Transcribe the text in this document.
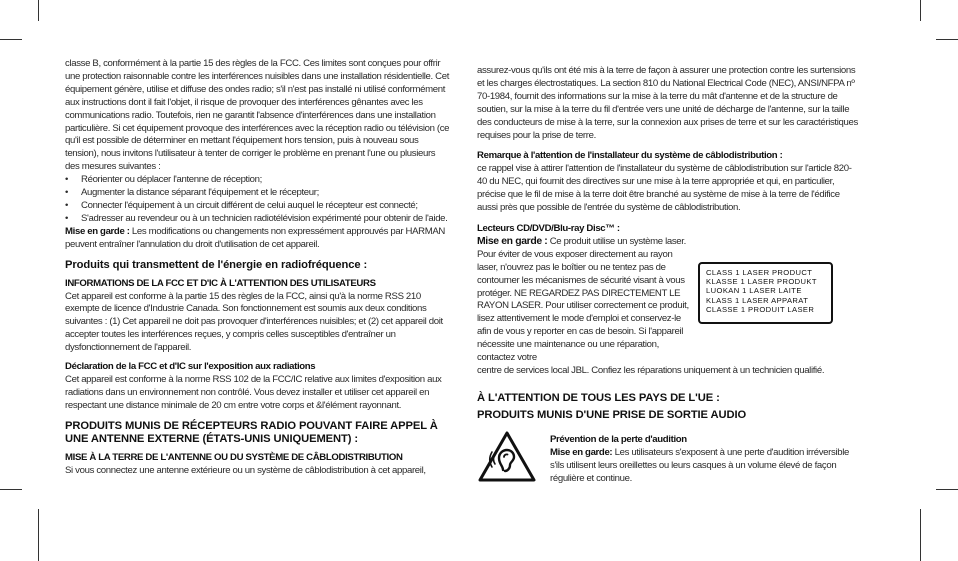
classe B, conformément à la partie 15 des règles de la FCC. Ces limites sont conçues pour offrir une protection raisonnable contre les interférences nuisibles dans une installation résidentielle. Cet équipement génère, utilise et diffuse des ondes radio; s'il n'est pas installé ni utilisé conformément aux instructions dont il fait l'objet, il risque de provoquer des interférences gênantes avec les communications radio. Toutefois, rien ne garantit l'absence d'interférences dans une installation particulière. Si cet équipement provoque des interférences avec la réception radio ou télévision (ce qu'il est possible de déterminer en mettant l'équipement hors tension, puis à nouveau sous tension), nous invitons l'utilisateur à tenter de corriger le problème en prenant l'une ou plusieurs des mesures suivantes :

• Réorienter ou déplacer l'antenne de réception;
• Augmenter la distance séparant l'équipement et le récepteur;
• Connecter l'équipement à un circuit différent de celui auquel le récepteur est connecté;
• S'adresser au revendeur ou à un technicien radiotélévision expérimenté pour obtenir de l'aide.

Mise en garde : Les modifications ou changements non expressément approuvés par HARMAN peuvent entraîner l'annulation du droit d'utilisation de cet appareil.

Produits qui transmettent de l'énergie en radiofréquence :
INFORMATIONS DE LA FCC ET D'IC À L'ATTENTION DES UTILISATEURS

Cet appareil est conforme à la partie 15 des règles de la FCC, ainsi qu'à la norme RSS 210 exempte de licence d'Industrie Canada. Son fonctionnement est soumis aux deux conditions suivantes : (1) Cet appareil ne doit pas provoquer d'interférences nuisibles; et (2) cet appareil doit accepter toutes les interférences reçues, y compris celles susceptibles d'entraîner un dysfonctionnement de l'appareil.

Déclaration de la FCC et d'IC sur l'exposition aux radiations

Cet appareil est conforme à la norme RSS 102 de la FCC/IC relative aux limites d'exposition aux radiations dans un environnement non contrôlé. Vous devez installer et utiliser cet appareil en respectant une distance minimale de 20 cm entre votre corps et &l'élément rayonnant.

PRODUITS MUNIS DE RÉCEPTEURS RADIO POUVANT FAIRE APPEL À UNE ANTENNE EXTERNE (ÉTATS-UNIS UNIQUEMENT) :
MISE À LA TERRE DE L'ANTENNE OU DU SYSTÈME DE CÂBLODISTRIBUTION

Si vous connectez une antenne extérieure ou un système de câblodistribution à cet appareil,

assurez-vous qu'ils ont été mis à la terre de façon à assurer une protection contre les surtensions et les charges électrostatiques. La section 810 du National Electrical Code (NEC), ANSI/NFPA nº 70-1984, fournit des informations sur la mise à la terre du mât d'antenne et de la structure de soutien, sur la mise à la terre du fil d'entrée vers une unité de décharge de l'antenne, sur la taille des conducteurs de mise à la terre, sur la connexion aux prises de terre et sur les caractéristiques requises pour la prise de terre.

Remarque à l'attention de l'installateur du système de câblodistribution :

ce rappel vise à attirer l'attention de l'installateur du système de câblodistribution sur l'article 820-40 du NEC, qui fournit des directives sur une mise à la terre appropriée et qui, en particulier, précise que le fil de mise à la terre doit être branché au système de mise à la terre de l'édifice aussi près que possible de l'entrée du système de câblodistribution.

Lecteurs CD/DVD/Blu-ray Disc™ :

Mise en garde : Ce produit utilise un système laser. Pour éviter de vous exposer directement au rayon laser, n'ouvrez pas le boîtier ou ne tentez pas de contourner les mécanismes de sécurité visant à vous protéger. NE REGARDEZ PAS DIRECTEMENT LE RAYON LASER. Pour utiliser correctement ce produit, lisez attentivement le mode d'emploi et conservez-le afin de vous y reporter en cas de besoin. Si l'appareil nécessite une maintenance ou une réparation, contactez votre

centre de services local JBL. Confiez les réparations uniquement à un technicien qualifié.

À L'ATTENTION DE TOUS LES PAYS DE L'UE :
PRODUITS MUNIS D'UNE PRISE DE SORTIE AUDIO
CLASS 1 LASER PRODUCT
KLASSE 1 LASER PRODUKT
LUOKAN 1 LASER LAITE
KLASS 1 LASER APPARAT
CLASSE 1 PRODUIT LASER
Prévention de la perte d'audition

Mise en garde: Les utilisateurs s'exposent à une perte d'audition irréversible s'ils utilisent leurs oreillettes ou leurs casques à un volume élevé de façon régulière et continue.
